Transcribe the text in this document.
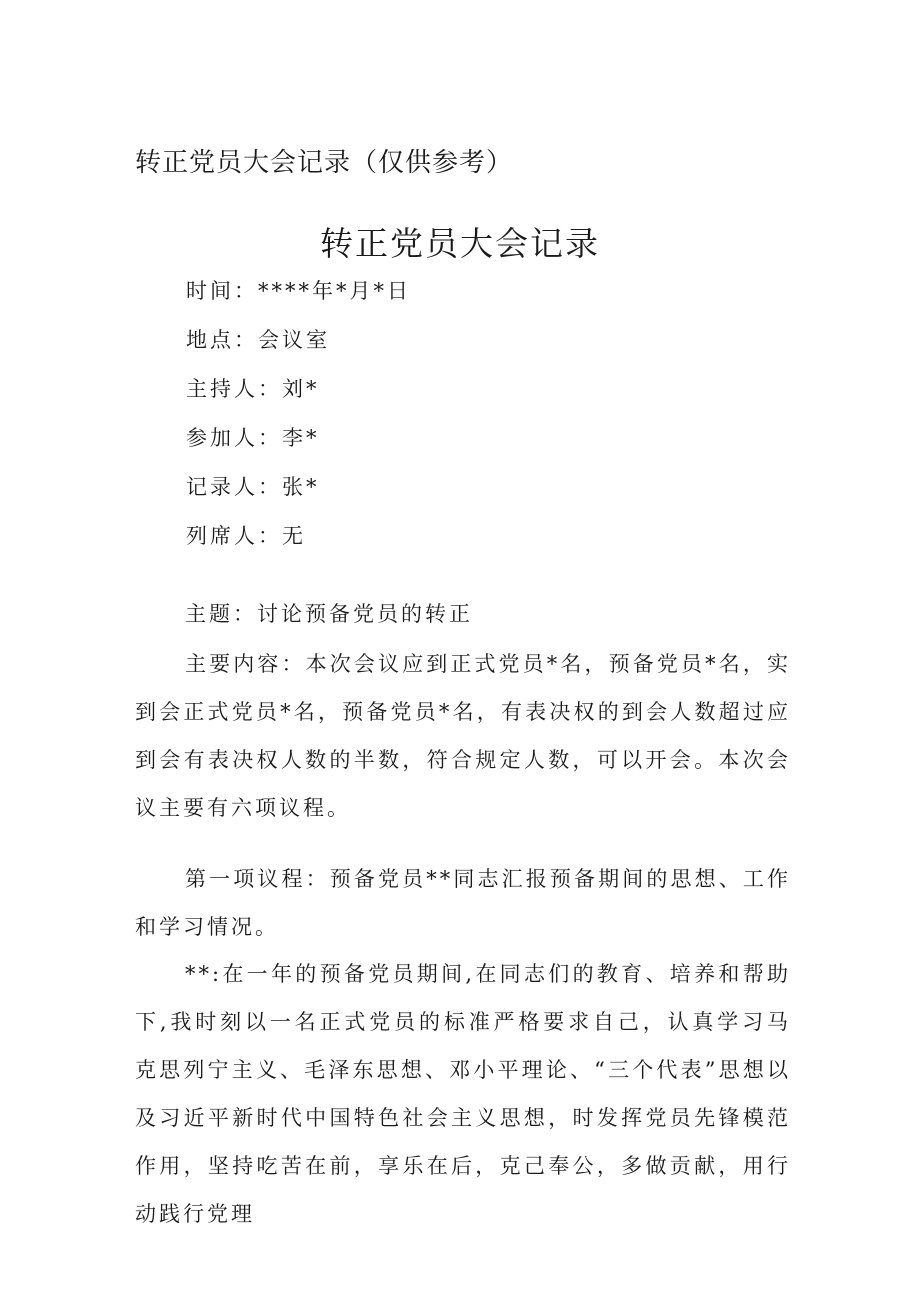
转正党员大会记录（仅供参考）
转正党员大会记录
时间：****年*月*日
地点：会议室
主持人：刘*
参加人：李*
记录人：张*
列席人：无

主题：讨论预备党员的转正

主要内容：本次会议应到正式党员*名，预备党员*名，实到会正式党员*名，预备党员*名，有表决权的到会人数超过应到会有表决权人数的半数，符合规定人数，可以开会。本次会议主要有六项议程。

第一项议程：预备党员**同志汇报预备期间的思想、工作和学习情况。

**:在一年的预备党员期间,在同志们的教育、培养和帮助下,我时刻以一名正式党员的标准严格要求自己，认真学习马克思列宁主义、毛泽东思想、邓小平理论、“三个代表”思想以及习近平新时代中国特色社会主义思想，时发挥党员先锋模范作用，坚持吃苦在前，享乐在后，克己奉公，多做贡献，用行动践行党理
